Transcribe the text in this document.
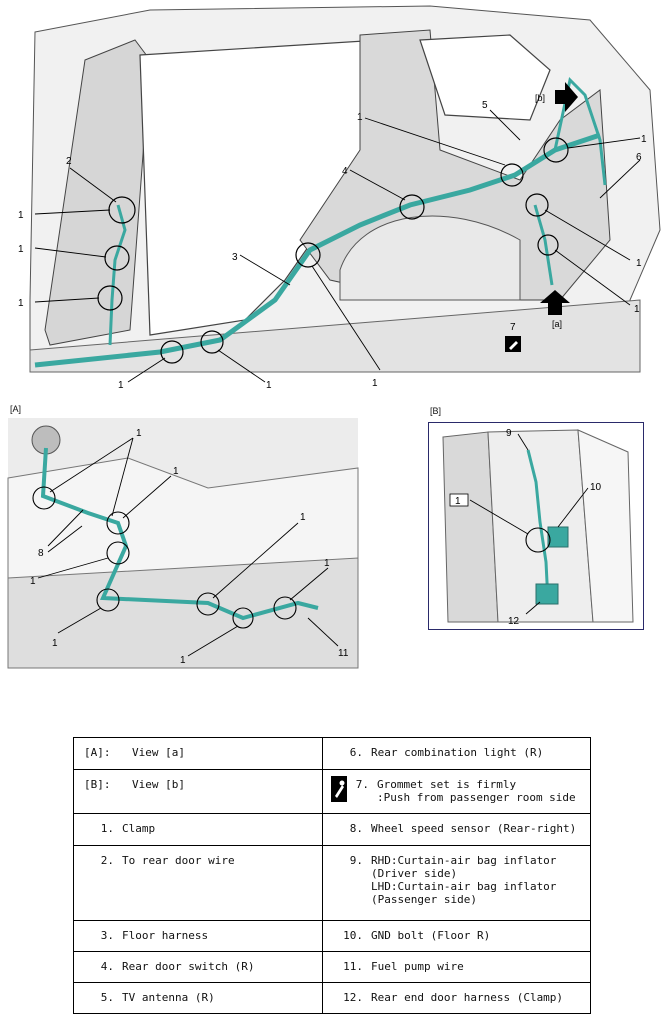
1
1
1
1	1	1
1
1
1
1
2
3
4
5
6
7
[b]
[a]
[A]
1
1
1
1
1
1
1
8
11
[B]
9
1
10
12
[A]: View [a]	6. Rear combination light (R)

[B]: View [b]	7. Grommet set is firmly
:Push from passenger room side

1. Clamp	8. Wheel speed sensor (Rear-right)

2. To rear door wire	9. RHD:Curtain-air bag inflator
(Driver side)
LHD:Curtain-air bag inflator
(Passenger side)

3. Floor harness	10. GND bolt (Floor R)

4. Rear door switch (R)	11. Fuel pump wire

5. TV antenna (R)	12. Rear end door harness (Clamp)
